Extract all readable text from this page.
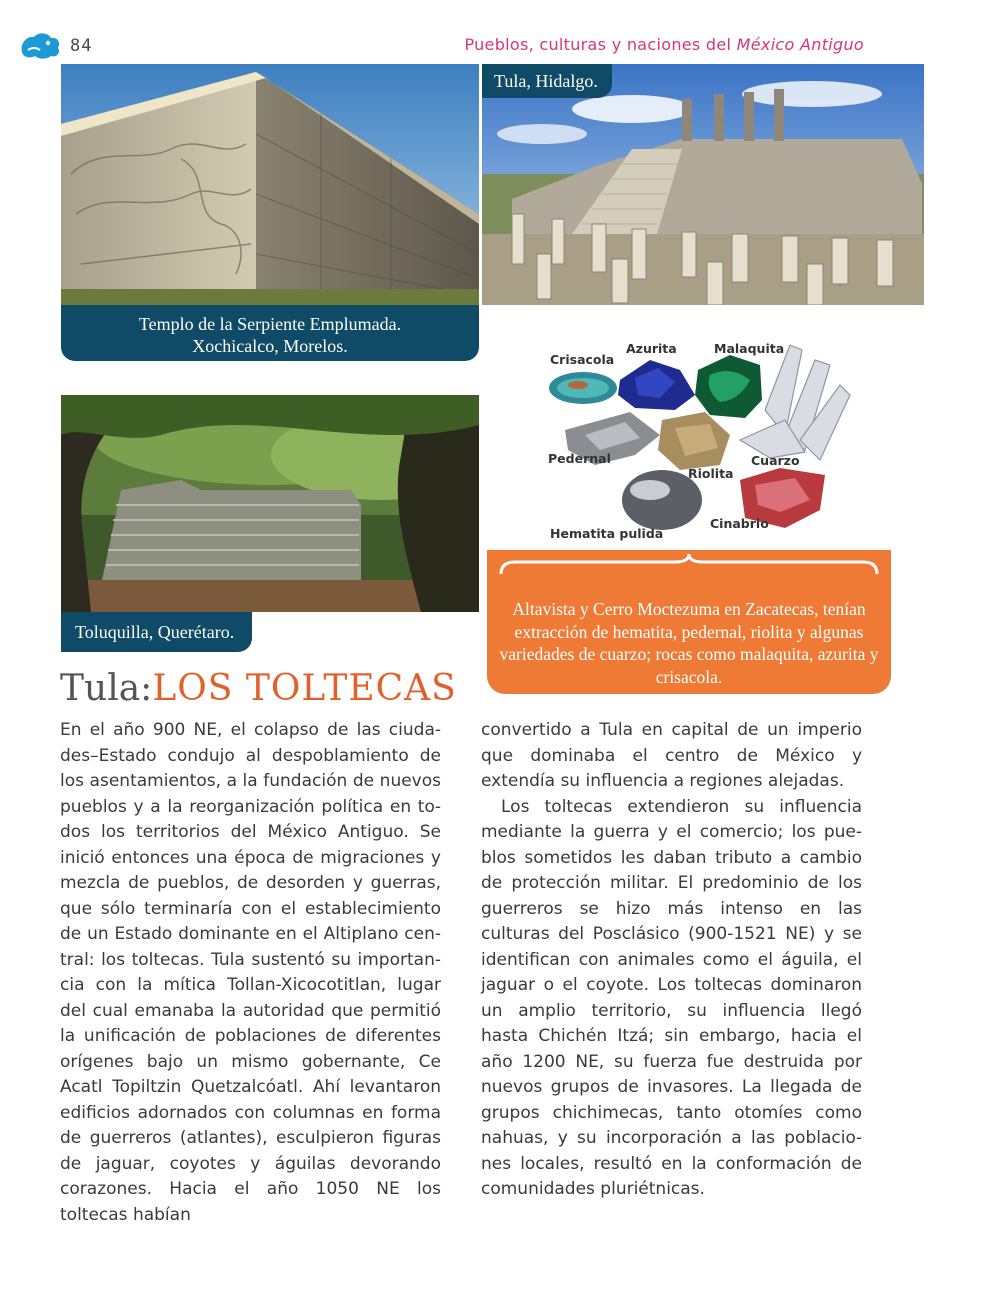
84	Pueblos, culturas y naciones del México Antiguo
Templo de la Serpiente Emplumada.
Xochicalco, Morelos.
Tula, Hidalgo.
Crisacola
Azurita	Malaquita
Pedernal
Riolita
Cuarzo
Hematita pulida
Cinabrio
Altavista y Cerro Moctezuma en Zacatecas, tenían extracción de hematita, pedernal, riolita y algunas variedades de cuarzo; rocas como malaquita, azurita y crisacola.
Toluquilla, Querétaro.
Tula:LOS TOLTECAS

En el año 900 NE, el colapso de las ciudades–Estado condujo al despoblamiento de los asentamientos, a la fundación de nuevos pueblos y a la reorganización política en todos los territorios del México Antiguo. Se inició entonces una época de migraciones y mezcla de pueblos, de desorden y guerras, que sólo terminaría con el establecimiento de un Estado dominante en el Altiplano central: los toltecas. Tula sustentó su importancia con la mítica Tollan-Xicocotitlan, lugar del cual emanaba la autoridad que permitió la unificación de poblaciones de diferentes orígenes bajo un mismo gobernante, Ce Acatl Topiltzin Quetzalcóatl. Ahí levantaron edificios adornados con columnas en forma de guerreros (atlantes), esculpieron figuras de jaguar, coyotes y águilas devorando corazones. Hacia el año 1050 NE los toltecas habían

convertido a Tula en capital de un imperio que dominaba el centro de México y extendía su influencia a regiones alejadas.

Los toltecas extendieron su influencia mediante la guerra y el comercio; los pueblos sometidos les daban tributo a cambio de protección militar. El predominio de los guerreros se hizo más intenso en las culturas del Posclásico (900-1521 NE) y se identifican con animales como el águila, el jaguar o el coyote. Los toltecas dominaron un amplio territorio, su influencia llegó hasta Chichén Itzá; sin embargo, hacia el año 1200 NE, su fuerza fue destruida por nuevos grupos de invasores. La llegada de grupos chichimecas, tanto otomíes como nahuas, y su incorporación a las poblaciones locales, resultó en la conformación de comunidades pluriétnicas.
